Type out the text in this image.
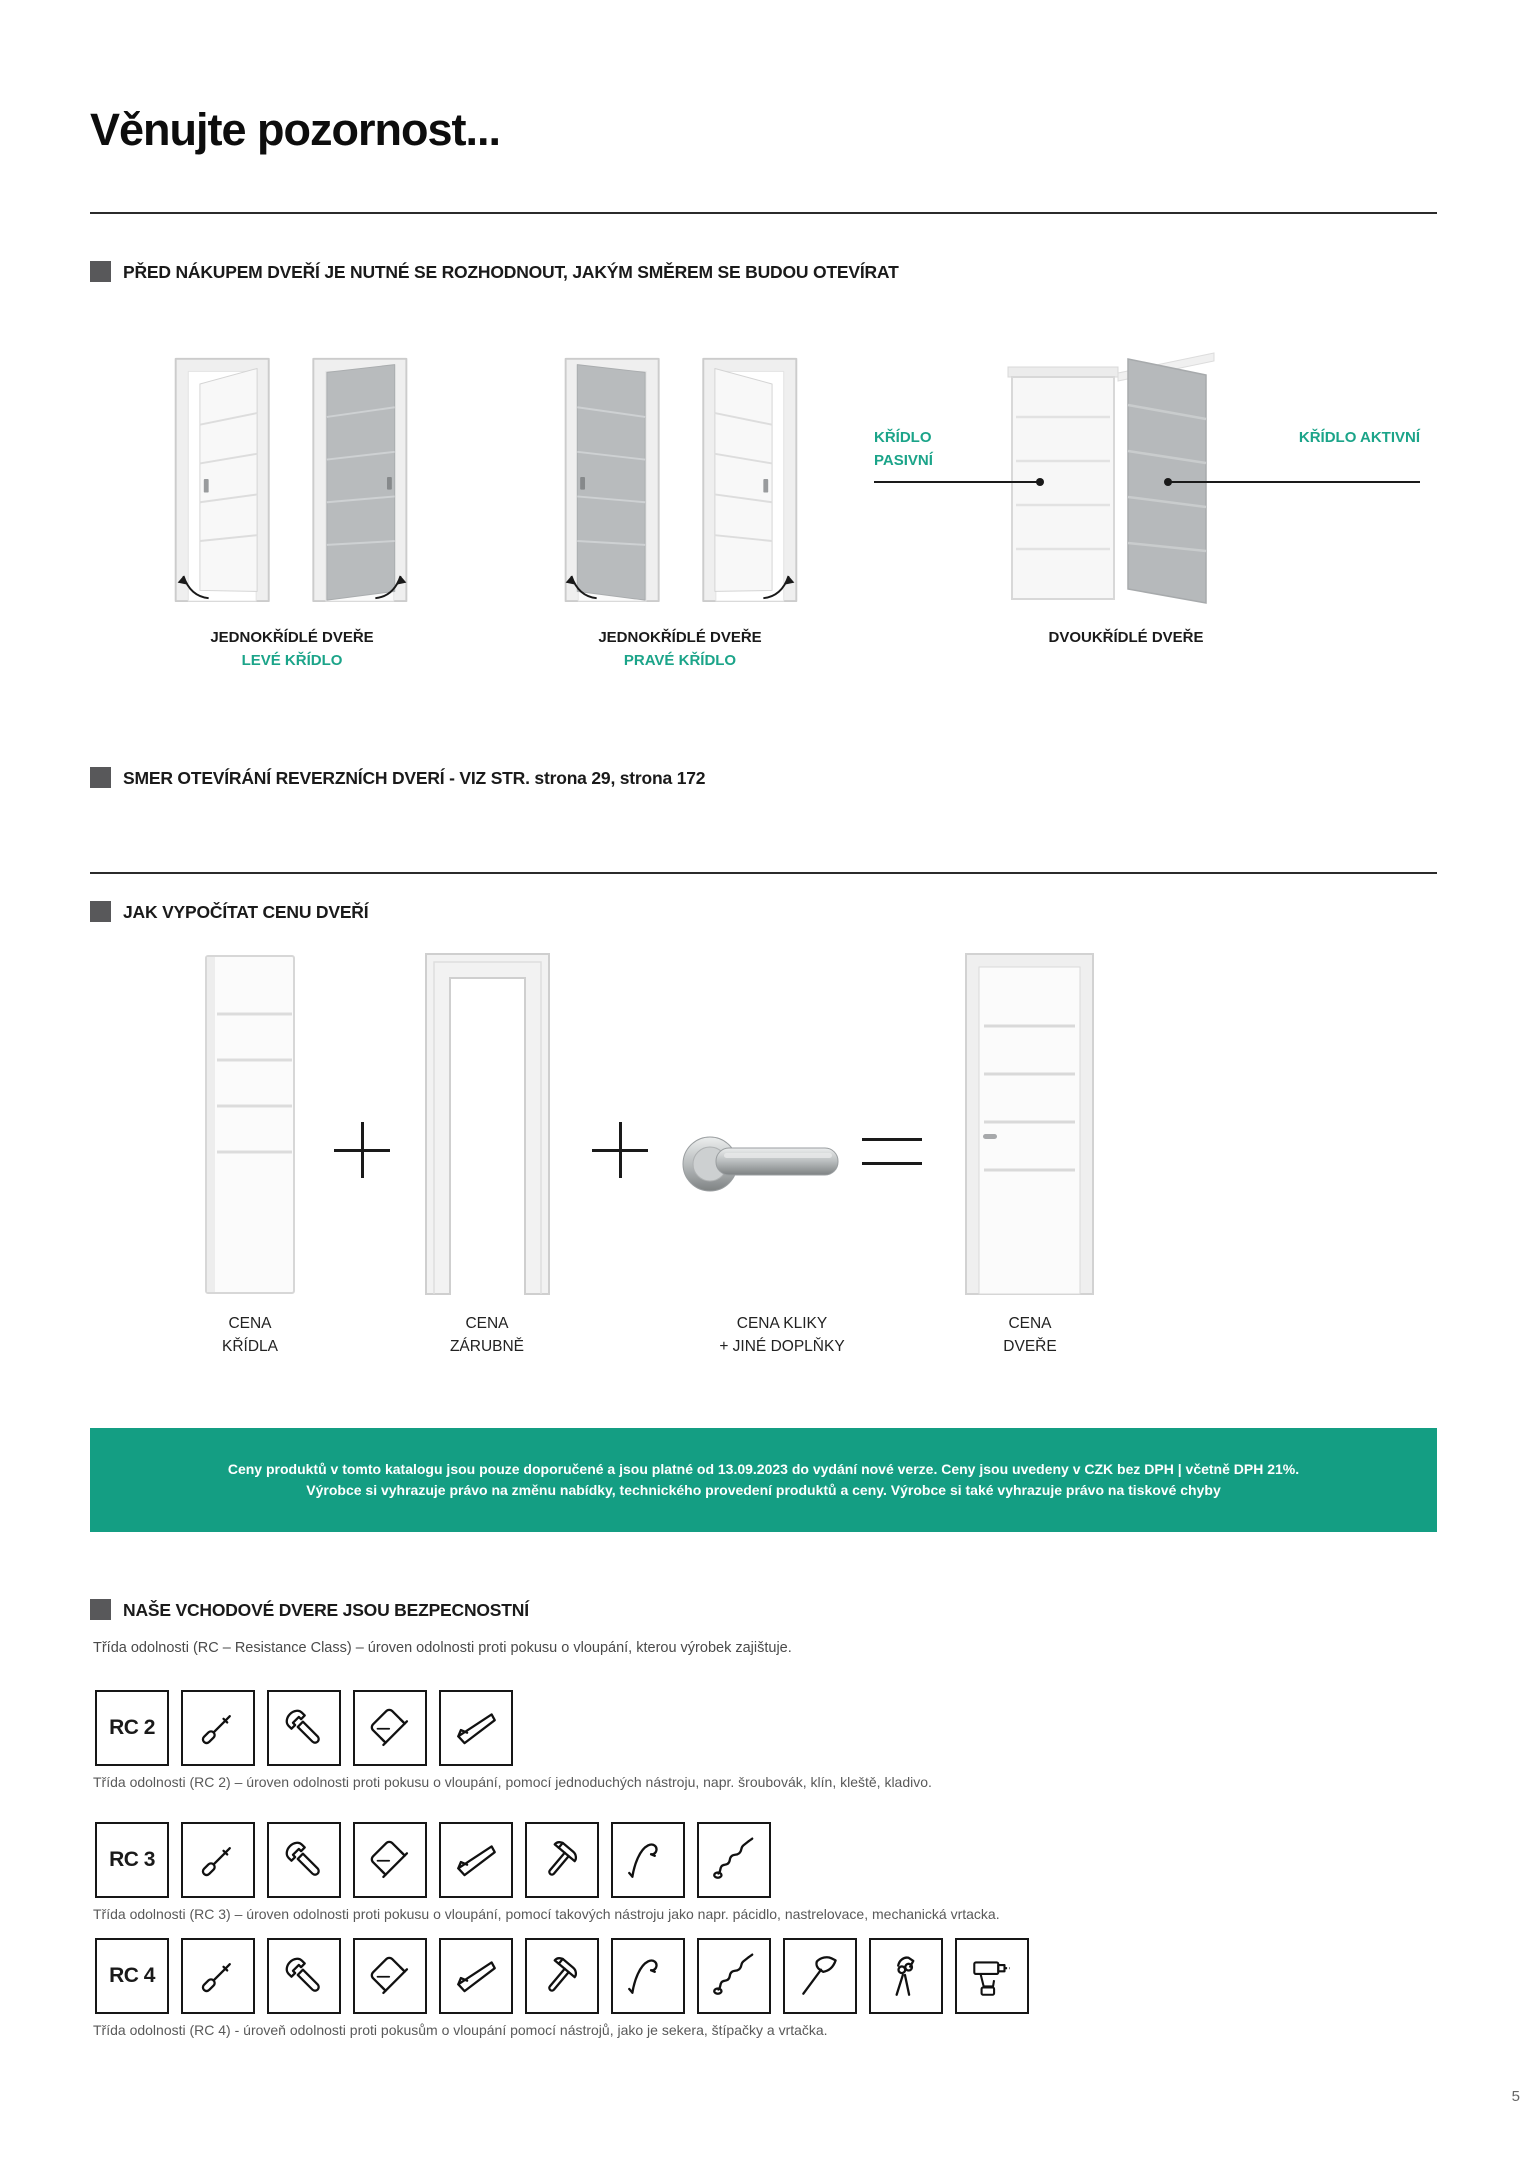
Věnujte pozornost...
PŘED NÁKUPEM DVEŘÍ JE NUTNÉ SE ROZHODNOUT, JAKÝM SMĚREM SE BUDOU OTEVÍRAT
KŘÍDLO PASIVNÍ
KŘÍDLO AKTIVNÍ
JEDNOKŘÍDLÉ DVEŘE
LEVÉ KŘÍDLO
JEDNOKŘÍDLÉ DVEŘE
PRAVÉ KŘÍDLO
DVOUKŘÍDLÉ DVEŘE
SMER OTEVÍRÁNÍ REVERZNÍCH DVERÍ - VIZ STR. strona 29, strona 172
JAK VYPOČÍTAT CENU DVEŘÍ
CENA
KŘÍDLA
CENA
ZÁRUBNĚ
CENA KLIKY
+ JINÉ DOPLŇKY
CENA
DVEŘE
Ceny produktů v tomto katalogu jsou pouze doporučené a jsou platné od 13.09.2023 do vydání nové verze. Ceny jsou uvedeny v CZK bez DPH | včetně DPH 21%.
Výrobce si vyhrazuje právo na změnu nabídky, technického provedení produktů a ceny. Výrobce si také vyhrazuje právo na tiskové chyby
NAŠE VCHODOVÉ DVERE JSOU BEZPECNOSTNÍ
Třída odolnosti (RC – Resistance Class) – úroven odolnosti proti pokusu o vloupání, kterou výrobek zajištuje.
RC 2
Třída odolnosti (RC 2) – úroven odolnosti proti pokusu o vloupání, pomocí jednoduchých nástroju, napr. šroubovák, klín, kleště, kladivo.
RC 3
Třída odolnosti (RC 3) – úroven odolnosti proti pokusu o vloupání, pomocí takových nástroju jako napr. pácidlo, nastrelovace, mechanická vrtacka.
RC 4
Třída odolnosti (RC 4) - úroveň odolnosti proti pokusům o vloupání pomocí nástrojů, jako je sekera, štípačky a vrtačka.
5
